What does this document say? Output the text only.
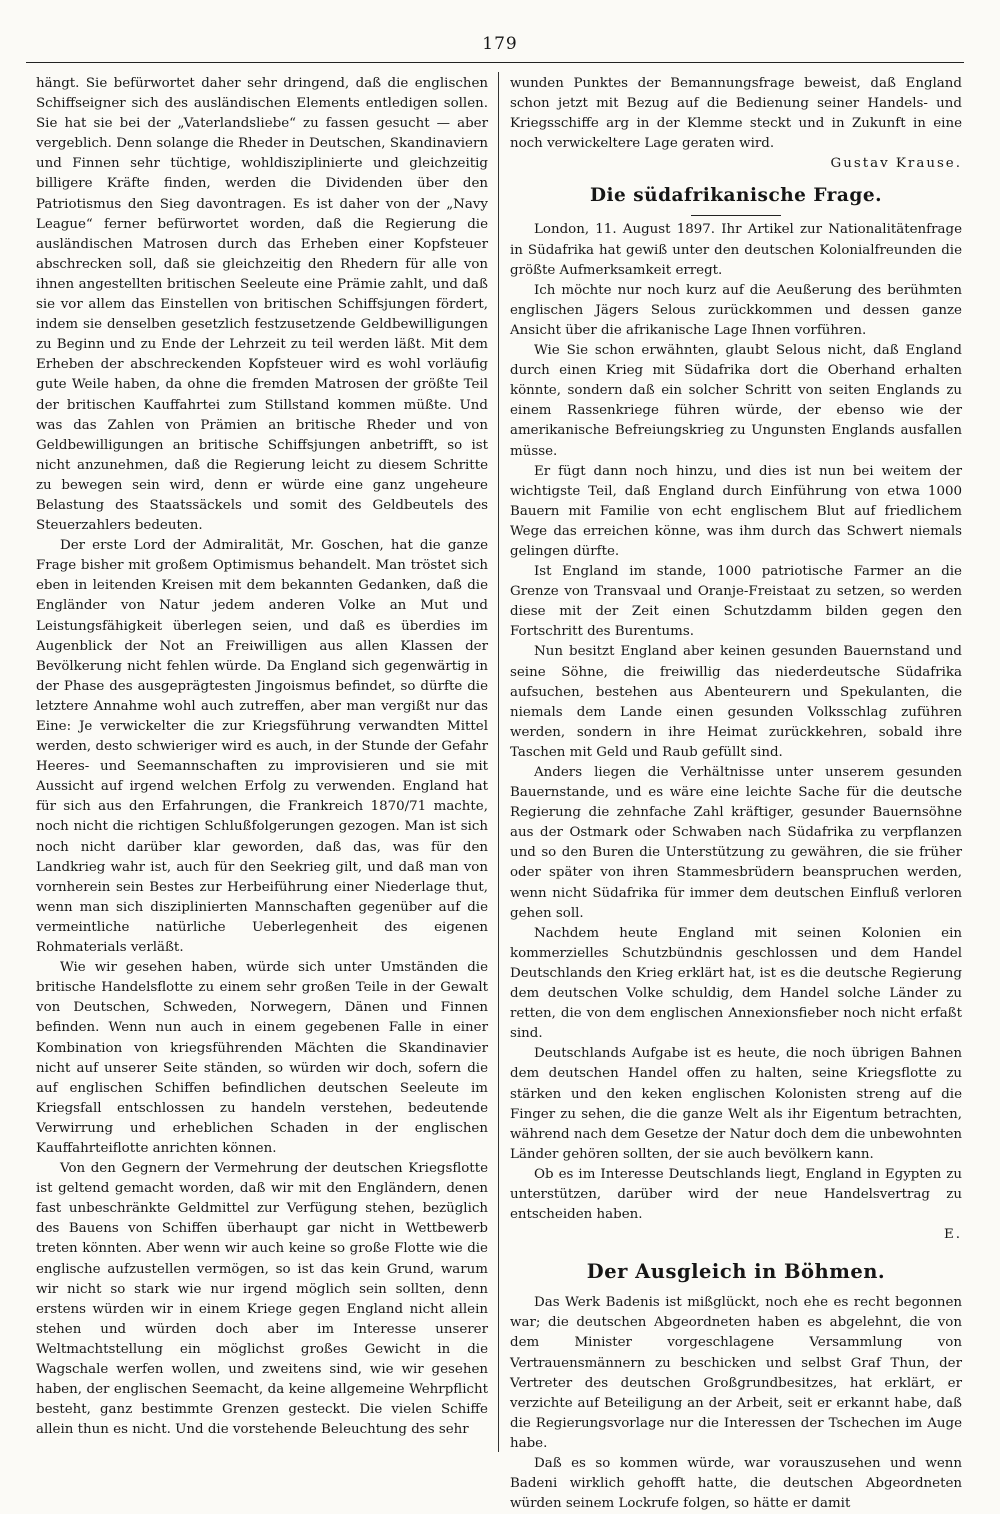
179

hängt. Sie befürwortet daher sehr dringend, daß die englischen Schiffseigner sich des ausländischen Elements entledigen sollen. Sie hat sie bei der „Vaterlandsliebe“ zu fassen gesucht — aber vergeblich. Denn solange die Rheder in Deutschen, Skandinaviern und Finnen sehr tüchtige, wohldisziplinierte und gleichzeitig billigere Kräfte finden, werden die Dividenden über den Patriotismus den Sieg davontragen. Es ist daher von der „Navy League“ ferner befürwortet worden, daß die Regierung die ausländischen Matrosen durch das Erheben einer Kopfsteuer abschrecken soll, daß sie gleichzeitig den Rhedern für alle von ihnen angestellten britischen Seeleute eine Prämie zahlt, und daß sie vor allem das Einstellen von britischen Schiffsjungen fördert, indem sie denselben gesetzlich festzusetzende Geldbewilligungen zu Beginn und zu Ende der Lehrzeit zu teil werden läßt. Mit dem Erheben der abschreckenden Kopfsteuer wird es wohl vorläufig gute Weile haben, da ohne die fremden Matrosen der größte Teil der britischen Kauffahrtei zum Stillstand kommen müßte. Und was das Zahlen von Prämien an britische Rheder und von Geldbewilligungen an britische Schiffsjungen anbetrifft, so ist nicht anzunehmen, daß die Regierung leicht zu diesem Schritte zu bewegen sein wird, denn er würde eine ganz ungeheure Belastung des Staatssäckels und somit des Geldbeutels des Steuerzahlers bedeuten.

Der erste Lord der Admiralität, Mr. Goschen, hat die ganze Frage bisher mit großem Optimismus behandelt. Man tröstet sich eben in leitenden Kreisen mit dem bekannten Gedanken, daß die Engländer von Natur jedem anderen Volke an Mut und Leistungsfähigkeit überlegen seien, und daß es überdies im Augenblick der Not an Freiwilligen aus allen Klassen der Bevölkerung nicht fehlen würde. Da England sich gegenwärtig in der Phase des ausgeprägtesten Jingoismus befindet, so dürfte die letztere Annahme wohl auch zutreffen, aber man vergißt nur das Eine: Je verwickelter die zur Kriegsführung verwandten Mittel werden, desto schwieriger wird es auch, in der Stunde der Gefahr Heeres- und Seemannschaften zu improvisieren und sie mit Aussicht auf irgend welchen Erfolg zu verwenden. England hat für sich aus den Erfahrungen, die Frankreich 1870/71 machte, noch nicht die richtigen Schlußfolgerungen gezogen. Man ist sich noch nicht darüber klar geworden, daß das, was für den Landkrieg wahr ist, auch für den Seekrieg gilt, und daß man von vornherein sein Bestes zur Herbeiführung einer Niederlage thut, wenn man sich disziplinierten Mannschaften gegenüber auf die vermeintliche natürliche Ueberlegenheit des eigenen Rohmaterials verläßt.

Wie wir gesehen haben, würde sich unter Umständen die britische Handelsflotte zu einem sehr großen Teile in der Gewalt von Deutschen, Schweden, Norwegern, Dänen und Finnen befinden. Wenn nun auch in einem gegebenen Falle in einer Kombination von kriegsführenden Mächten die Skandinavier nicht auf unserer Seite ständen, so würden wir doch, sofern die auf englischen Schiffen befindlichen deutschen Seeleute im Kriegsfall entschlossen zu handeln verstehen, bedeutende Verwirrung und erheblichen Schaden in der englischen Kauffahrteiflotte anrichten können.

Von den Gegnern der Vermehrung der deutschen Kriegsflotte ist geltend gemacht worden, daß wir mit den Engländern, denen fast unbeschränkte Geldmittel zur Verfügung stehen, bezüglich des Bauens von Schiffen überhaupt gar nicht in Wettbewerb treten könnten. Aber wenn wir auch keine so große Flotte wie die englische aufzustellen vermögen, so ist das kein Grund, warum wir nicht so stark wie nur irgend möglich sein sollten, denn erstens würden wir in einem Kriege gegen England nicht allein stehen und würden doch aber im Interesse unserer Weltmachtstellung ein möglichst großes Gewicht in die Wagschale werfen wollen, und zweitens sind, wie wir gesehen haben, der englischen Seemacht, da keine allgemeine Wehrpflicht besteht, ganz bestimmte Grenzen gesteckt. Die vielen Schiffe allein thun es nicht. Und die vorstehende Beleuchtung des sehr

wunden Punktes der Bemannungsfrage beweist, daß England schon jetzt mit Bezug auf die Bedienung seiner Handels- und Kriegsschiffe arg in der Klemme steckt und in Zukunft in eine noch verwickeltere Lage geraten wird.

Gustav Krause.

Die südafrikanische Frage.

London, 11. August 1897. Ihr Artikel zur Nationalitätenfrage in Südafrika hat gewiß unter den deutschen Kolonialfreunden die größte Aufmerksamkeit erregt.

Ich möchte nur noch kurz auf die Aeußerung des berühmten englischen Jägers Selous zurückkommen und dessen ganze Ansicht über die afrikanische Lage Ihnen vorführen.

Wie Sie schon erwähnten, glaubt Selous nicht, daß England durch einen Krieg mit Südafrika dort die Oberhand erhalten könnte, sondern daß ein solcher Schritt von seiten Englands zu einem Rassenkriege führen würde, der ebenso wie der amerikanische Befreiungskrieg zu Ungunsten Englands ausfallen müsse.

Er fügt dann noch hinzu, und dies ist nun bei weitem der wichtigste Teil, daß England durch Einführung von etwa 1000 Bauern mit Familie von echt englischem Blut auf friedlichem Wege das erreichen könne, was ihm durch das Schwert niemals gelingen dürfte.

Ist England im stande, 1000 patriotische Farmer an die Grenze von Transvaal und Oranje-Freistaat zu setzen, so werden diese mit der Zeit einen Schutzdamm bilden gegen den Fortschritt des Burentums.

Nun besitzt England aber keinen gesunden Bauernstand und seine Söhne, die freiwillig das niederdeutsche Südafrika aufsuchen, bestehen aus Abenteurern und Spekulanten, die niemals dem Lande einen gesunden Volksschlag zuführen werden, sondern in ihre Heimat zurückkehren, sobald ihre Taschen mit Geld und Raub gefüllt sind.

Anders liegen die Verhältnisse unter unserem gesunden Bauernstande, und es wäre eine leichte Sache für die deutsche Regierung die zehnfache Zahl kräftiger, gesunder Bauernsöhne aus der Ostmark oder Schwaben nach Südafrika zu verpflanzen und so den Buren die Unterstützung zu gewähren, die sie früher oder später von ihren Stammesbrüdern beanspruchen werden, wenn nicht Südafrika für immer dem deutschen Einfluß verloren gehen soll.

Nachdem heute England mit seinen Kolonien ein kommerzielles Schutzbündnis geschlossen und dem Handel Deutschlands den Krieg erklärt hat, ist es die deutsche Regierung dem deutschen Volke schuldig, dem Handel solche Länder zu retten, die von dem englischen Annexionsfieber noch nicht erfaßt sind.

Deutschlands Aufgabe ist es heute, die noch übrigen Bahnen dem deutschen Handel offen zu halten, seine Kriegsflotte zu stärken und den keken englischen Kolonisten streng auf die Finger zu sehen, die die ganze Welt als ihr Eigentum betrachten, während nach dem Gesetze der Natur doch dem die unbewohnten Länder gehören sollten, der sie auch bevölkern kann.

Ob es im Interesse Deutschlands liegt, England in Egypten zu unterstützen, darüber wird der neue Handelsvertrag zu entscheiden haben.

E.

Der Ausgleich in Böhmen.

Das Werk Badenis ist mißglückt, noch ehe es recht begonnen war; die deutschen Abgeordneten haben es abgelehnt, die von dem Minister vorgeschlagene Versammlung von Vertrauensmännern zu beschicken und selbst Graf Thun, der Vertreter des deutschen Großgrundbesitzes, hat erklärt, er verzichte auf Beteiligung an der Arbeit, seit er erkannt habe, daß die Regierungsvorlage nur die Interessen der Tschechen im Auge habe.

Daß es so kommen würde, war vorauszusehen und wenn Badeni wirklich gehofft hatte, die deutschen Abgeordneten würden seinem Lockrufe folgen, so hätte er damit
